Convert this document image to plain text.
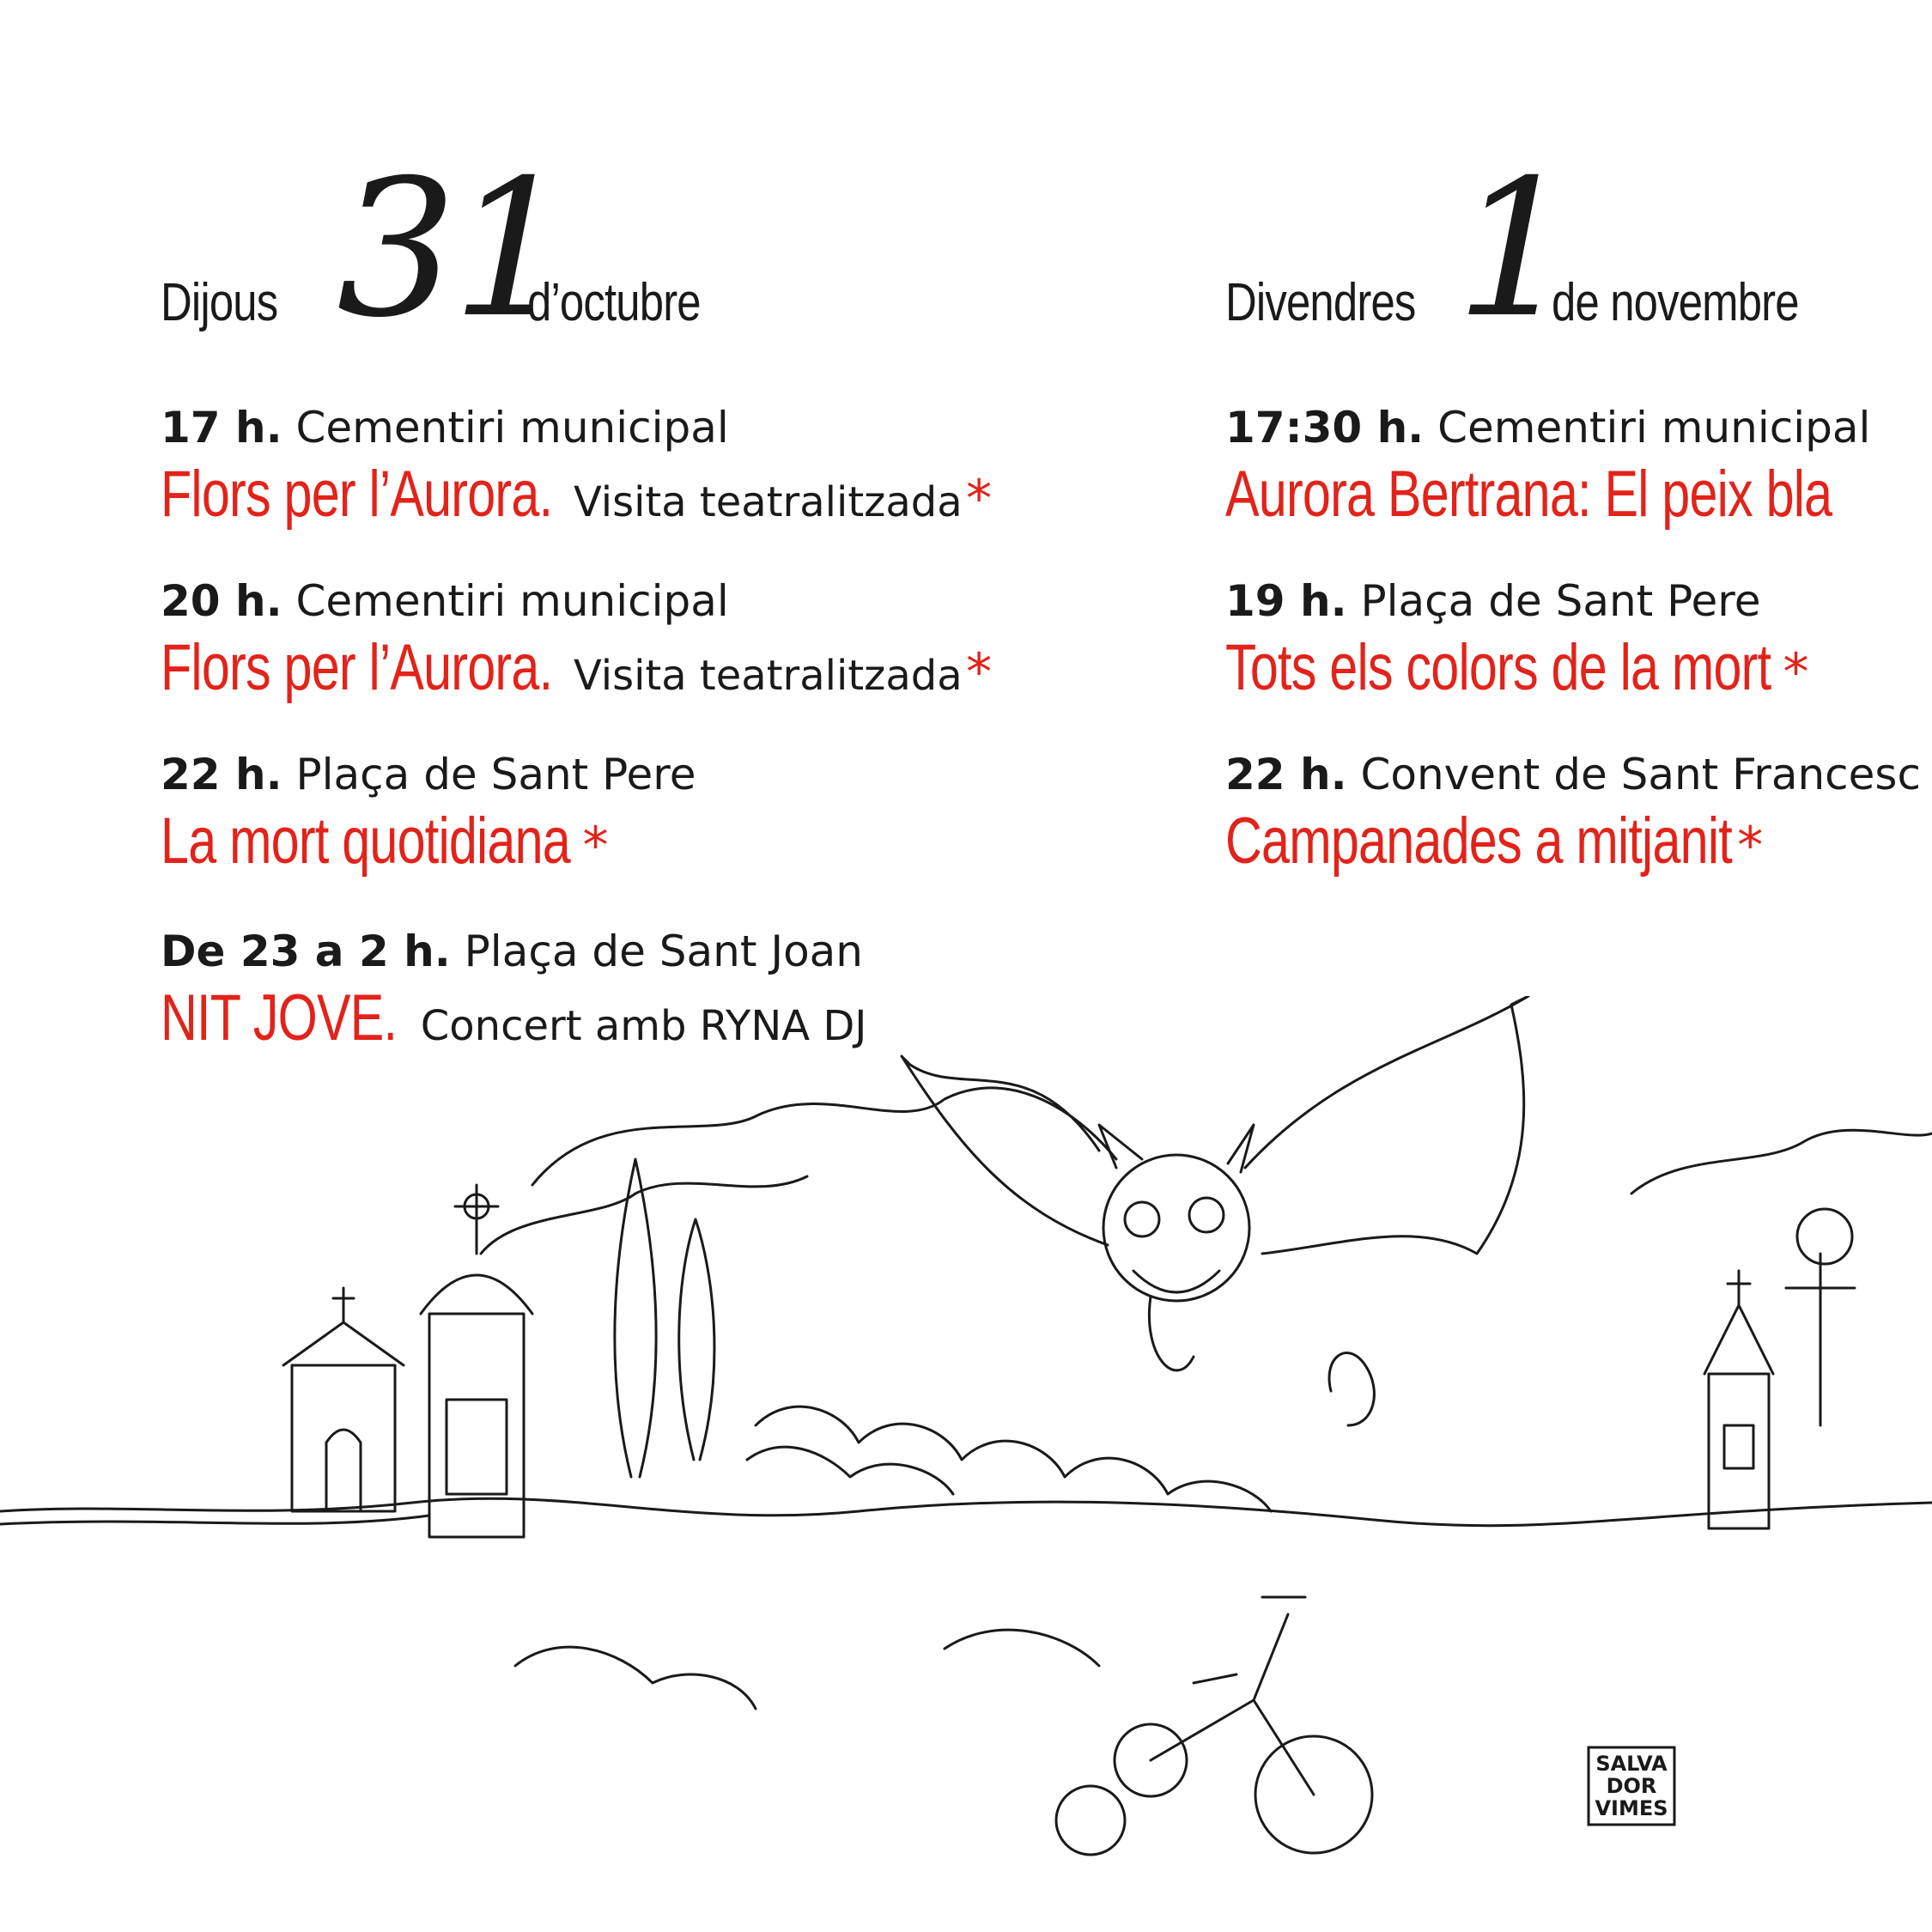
Dijous 31
d’octubre
17 h. Cementiri municipal
Flors per l’Aurora. Visita teatralitzada *
20 h. Cementiri municipal
Flors per l’Aurora. Visita teatralitzada *
22 h. Plaça de Sant Pere
La mort quotidiana *
De 23 a 2 h. Plaça de Sant Joan
NIT JOVE. Concert amb RYNA DJ
Divendres 1
de novembre
17:30 h. Cementiri municipal
Aurora Bertrana: El peix bla
19 h. Plaça de Sant Pere
Tots els colors de la mort *
22 h. Convent de Sant Francesc
Campanades a mitjanit *
SALVA
DOR
VIMES
